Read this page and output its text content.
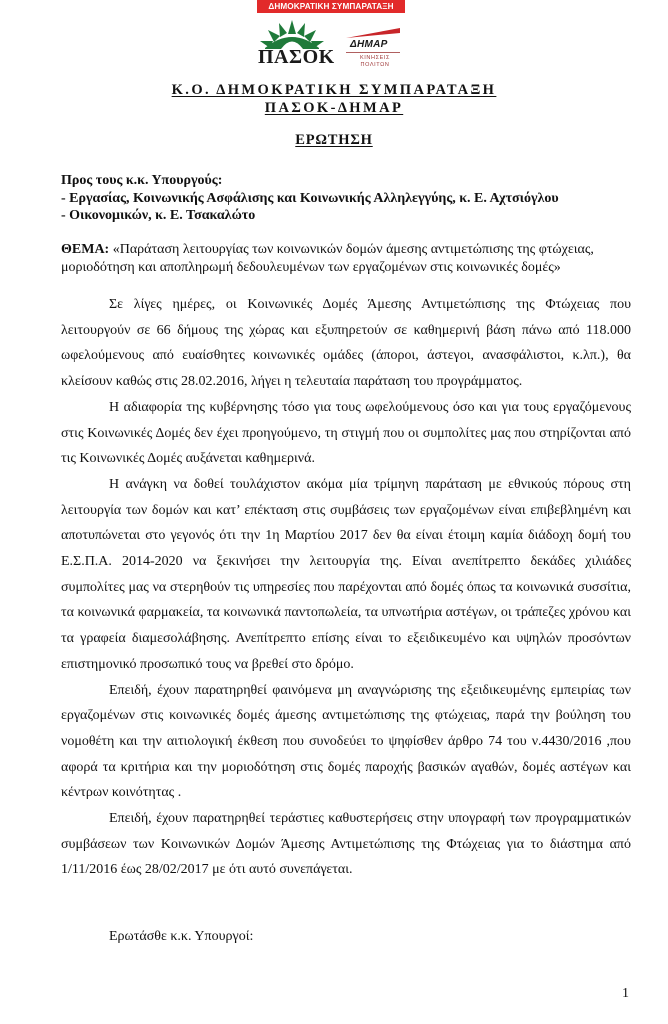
ΔΗΜΟΚΡΑΤΙΚΗ ΣΥΜΠΑΡΑΤΑΞΗ
ΠΑΣΟΚ
ΔΗΜΑΡ
ΚΙΝΗΣΕΙΣ
ΠΟΛΙΤΩΝ
Κ.Ο. ΔΗΜΟΚΡΑΤΙΚΗ ΣΥΜΠΑΡΑΤΑΞΗ
ΠΑΣΟΚ-ΔΗΜΑΡ
ΕΡΩΤΗΣΗ
Προς τους κ.κ. Υπουργούς:
- Εργασίας, Κοινωνικής Ασφάλισης και Κοινωνικής Αλληλεγγύης, κ. Ε. Αχτσιόγλου
- Οικονομικών, κ. Ε. Τσακαλώτο
ΘΕΜΑ: «Παράταση λειτουργίας των κοινωνικών δομών άμεσης αντιμετώπισης της φτώχειας, μοριοδότηση και αποπληρωμή δεδουλευμένων των εργαζομένων στις κοινωνικές δομές»

Σε λίγες ημέρες, οι Κοινωνικές Δομές Άμεσης Αντιμετώπισης της Φτώχειας που λειτουργούν σε 66 δήμους της χώρας και εξυπηρετούν σε καθημερινή βάση πάνω από 118.000 ωφελούμενους από ευαίσθητες κοινωνικές ομάδες (άποροι, άστεγοι, ανασφάλιστοι, κ.λπ.), θα κλείσουν καθώς στις 28.02.2016, λήγει η τελευταία παράταση του προγράμματος.

Η αδιαφορία της κυβέρνησης τόσο για τους ωφελούμενους όσο και για τους εργαζόμενους στις Κοινωνικές Δομές δεν έχει προηγούμενο, τη στιγμή που οι συμπολίτες μας που στηρίζονται από τις Κοινωνικές Δομές αυξάνεται καθημερινά.

Η ανάγκη να δοθεί τουλάχιστον ακόμα μία τρίμηνη παράταση με εθνικούς πόρους στη λειτουργία των δομών και κατ’ επέκταση στις συμβάσεις των εργαζομένων είναι επιβεβλημένη και αποτυπώνεται στο γεγονός ότι την 1η Μαρτίου 2017 δεν θα είναι έτοιμη καμία διάδοχη δομή του Ε.Σ.Π.Α. 2014-2020 να ξεκινήσει την λειτουργία της. Είναι ανεπίτρεπτο δεκάδες χιλιάδες συμπολίτες μας να στερηθούν τις υπηρεσίες που παρέχονται από δομές όπως τα κοινωνικά συσσίτια, τα κοινωνικά φαρμακεία, τα κοινωνικά παντοπωλεία, τα υπνωτήρια αστέγων, οι τράπεζες χρόνου και τα γραφεία διαμεσολάβησης. Ανεπίτρεπτο επίσης είναι το εξειδικευμένο και υψηλών προσόντων επιστημονικό προσωπικό τους να βρεθεί στο δρόμο.

Επειδή, έχουν παρατηρηθεί φαινόμενα μη αναγνώρισης της εξειδικευμένης εμπειρίας των εργαζομένων στις κοινωνικές δομές άμεσης αντιμετώπισης της φτώχειας, παρά την βούληση του νομοθέτη και την αιτιολογική έκθεση που συνοδεύει το ψηφίσθεν άρθρο 74 του ν.4430/2016 ,που αφορά τα κριτήρια και την μοριοδότηση στις δομές παροχής βασικών αγαθών, δομές αστέγων και κέντρων κοινότητας .

Επειδή, έχουν παρατηρηθεί τεράστιες καθυστερήσεις στην υπογραφή των προγραμματικών συμβάσεων των Κοινωνικών Δομών Άμεσης Αντιμετώπισης της Φτώχειας για το διάστημα από 1/11/2016 έως 28/02/2017 με ότι αυτό συνεπάγεται.

Ερωτάσθε κ.κ. Υπουργοί:
1
